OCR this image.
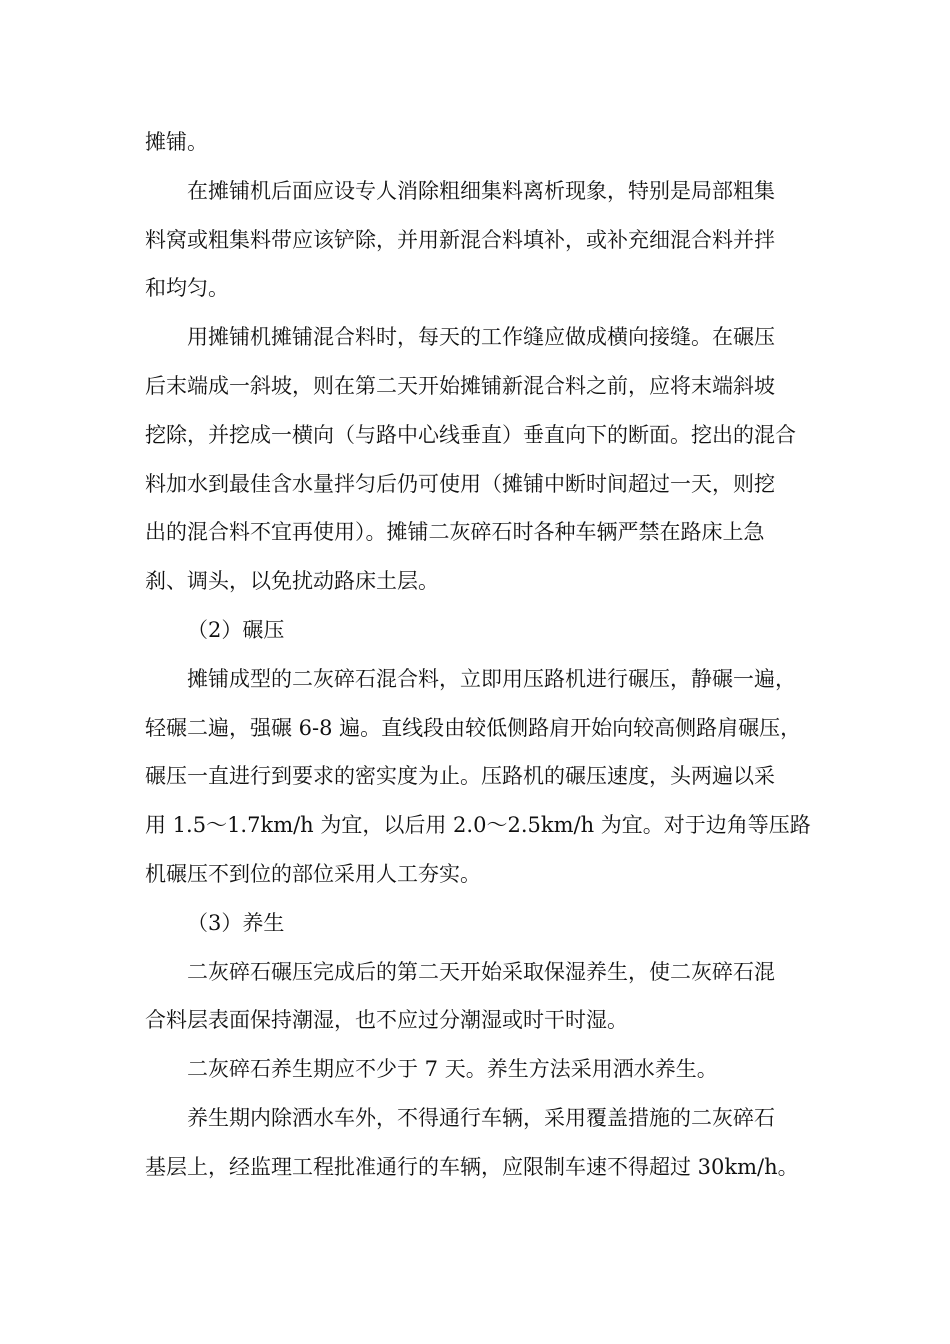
摊铺。
在摊铺机后面应设专人消除粗细集料离析现象，特别是局部粗集
料窝或粗集料带应该铲除，并用新混合料填补，或补充细混合料并拌
和均匀。
用摊铺机摊铺混合料时，每天的工作缝应做成横向接缝。在碾压
后末端成一斜坡，则在第二天开始摊铺新混合料之前，应将末端斜坡
挖除，并挖成一横向（与路中心线垂直）垂直向下的断面。挖出的混合
料加水到最佳含水量拌匀后仍可使用（摊铺中断时间超过一天，则挖
出的混合料不宜再使用）。摊铺二灰碎石时各种车辆严禁在路床上急
刹、调头，以免扰动路床土层。
（2）碾压
摊铺成型的二灰碎石混合料，立即用压路机进行碾压，静碾一遍，
轻碾二遍，强碾 6-8 遍。直线段由较低侧路肩开始向较高侧路肩碾压，
碾压一直进行到要求的密实度为止。压路机的碾压速度，头两遍以采
用 1.5～1.7km/h 为宜，以后用 2.0～2.5km/h 为宜。对于边角等压路
机碾压不到位的部位采用人工夯实。
（3）养生
二灰碎石碾压完成后的第二天开始采取保湿养生，使二灰碎石混
合料层表面保持潮湿，也不应过分潮湿或时干时湿。
二灰碎石养生期应不少于 7 天。养生方法采用洒水养生。
养生期内除洒水车外，不得通行车辆，采用覆盖措施的二灰碎石
基层上，经监理工程批准通行的车辆，应限制车速不得超过 30km/h。
